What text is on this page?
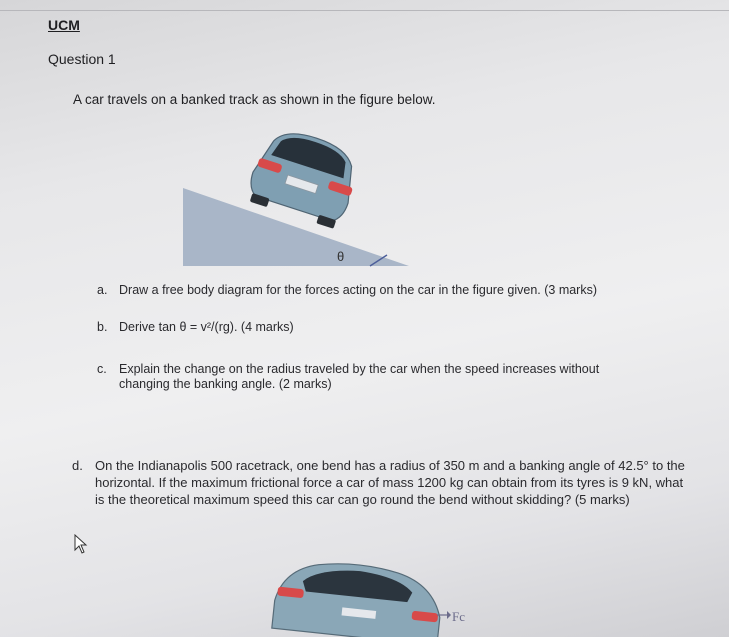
UCM
Question 1
A car travels on a banked track as shown in the figure below.
θ
a. Draw a free body diagram for the forces acting on the car in the figure given. (3 marks)
b. Derive tan θ = v²/(rg). (4 marks)
c. Explain the change on the radius traveled by the car when the speed increases without changing the banking angle. (2 marks)
d. On the Indianapolis 500 racetrack, one bend has a radius of 350 m and a banking angle of 42.5° to the horizontal. If the maximum frictional force a car of mass 1200 kg can obtain from its tyres is 9 kN, what is the theoretical maximum speed this car can go round the bend without skidding? (5 marks)
Fc
